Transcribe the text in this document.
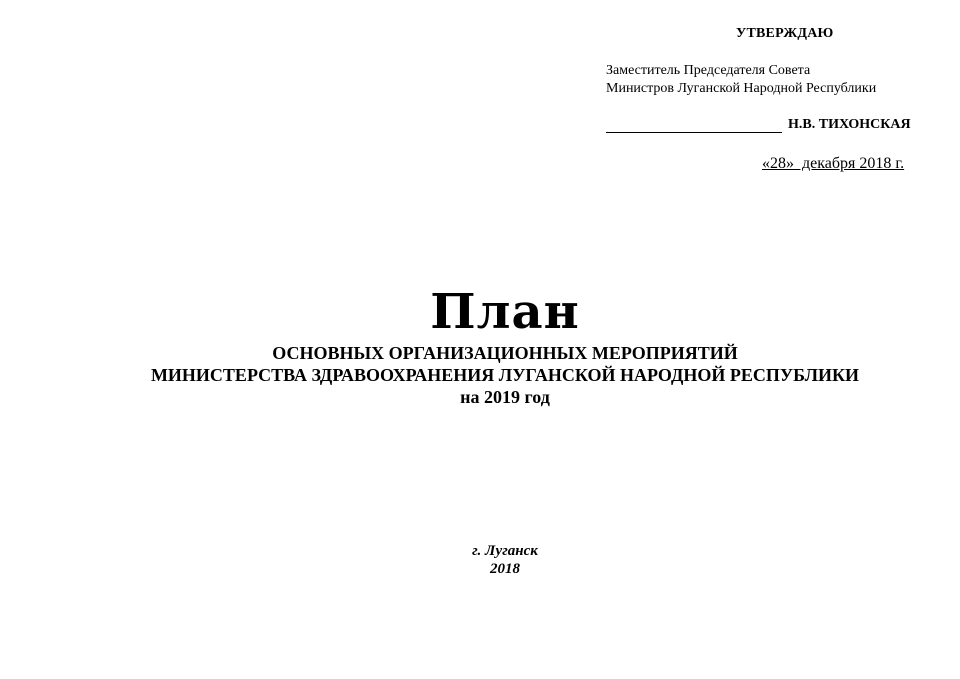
УТВЕРЖДАЮ
Заместитель Председателя Совета
Министров Луганской Народной Республики
Н.В. ТИХОНСКАЯ
«28»  декабря 2018 г.
План
ОСНОВНЫХ ОРГАНИЗАЦИОННЫХ МЕРОПРИЯТИЙ
МИНИСТЕРСТВА ЗДРАВООХРАНЕНИЯ ЛУГАНСКОЙ НАРОДНОЙ РЕСПУБЛИКИ
на 2019 год
г. Луганск
2018
